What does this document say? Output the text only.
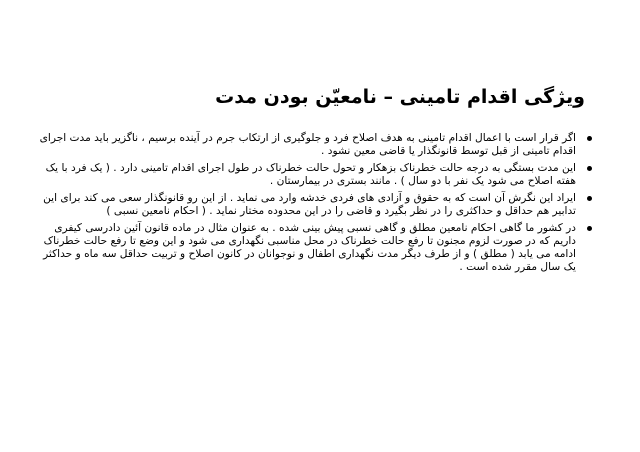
ویژگی اقدام تامینی – نامعیّن بودن مدت
اگر قرار است با اعمال اقدام تامینی به هدف اصلاح فرد و جلوگیری از ارتکاب جرم در آینده برسیم ، ناگزیر باید مدت اجرای اقدام تامینی از قبل توسط قانونگذار یا قاضی معین نشود .
این مدت بستگی به درجه حالت خطرناک بزهکار و تحول حالت خطرناک در طول اجرای اقدام تامینی دارد . ( یک فرد با یک هفته اصلاح می شود یک نفر با دو سال ) . مانند بستری در بیمارستان .
ایراد این نگرش آن است که به حقوق و آزادی های فردی خدشه وارد می نماید . از این رو قانونگذار سعی می کند برای این تدابیر هم حداقل و حداکثری را در نظر بگیرد و قاضی را در این محدوده مختار نماید . ( احکام نامعین نسبی )
در کشور ما گاهی احکام نامعین مطلق و گاهی نسبی پیش بینی شده . به عنوان مثال در ماده قانون آئین دادرسی کیفری داریم که در صورت لزوم مجنون تا رفع حالت خطرناک در محل مناسبی نگهداری می شود و این وضع تا رفع حالت خطرناک ادامه می یابد ( مطلق ) و از طرف دیگر مدت نگهداری اطفال و نوجوانان در کانون اصلاح و تربیت حداقل سه ماه و حداکثر یک سال مقرر شده است .
